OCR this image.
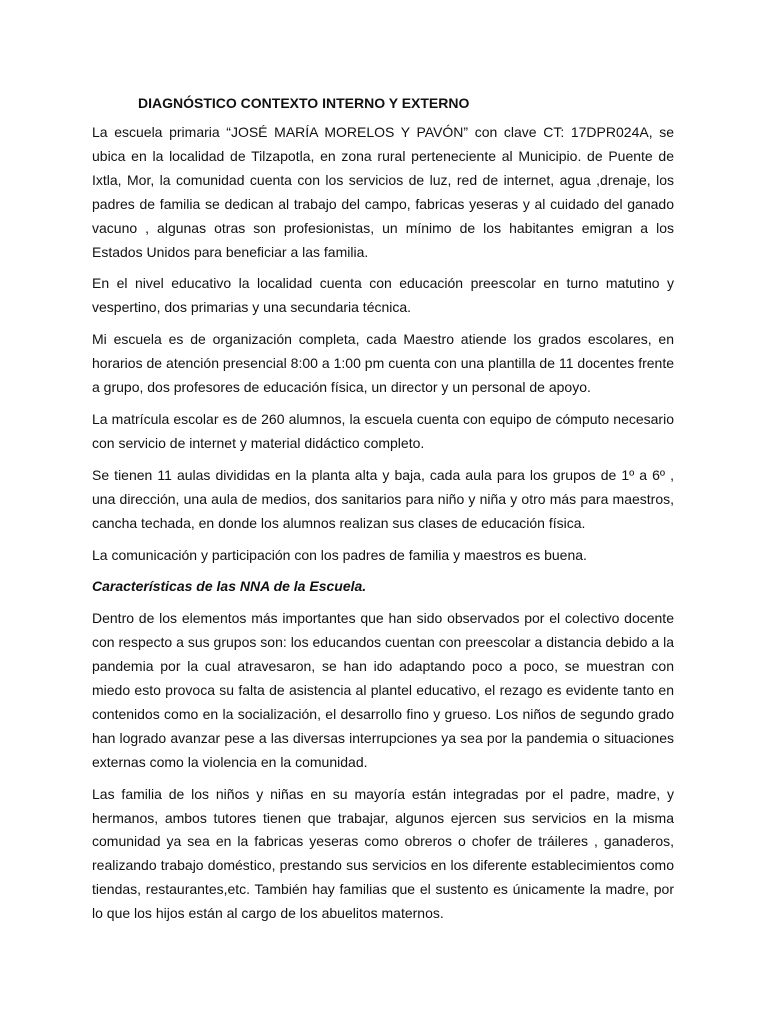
DIAGNÓSTICO CONTEXTO INTERNO Y EXTERNO

La escuela primaria “JOSÉ MARÍA MORELOS Y PAVÓN” con clave CT: 17DPR024A, se ubica en la localidad de Tilzapotla, en zona rural perteneciente al Municipio. de Puente de Ixtla, Mor, la comunidad cuenta con los servicios de luz, red de internet, agua ,drenaje, los padres de familia se dedican al trabajo del campo, fabricas yeseras y al cuidado del ganado vacuno , algunas otras son profesionistas, un mínimo de los habitantes emigran a los Estados Unidos para beneficiar a las familia.

En el nivel educativo la localidad cuenta con educación preescolar en turno matutino y vespertino, dos primarias y una secundaria técnica.

Mi escuela es de organización completa, cada Maestro atiende los grados escolares, en horarios de atención presencial 8:00 a 1:00 pm cuenta con una plantilla de 11 docentes frente a grupo, dos profesores de educación física, un director y un personal de apoyo.

La matrícula escolar es de 260 alumnos, la escuela cuenta con equipo de cómputo necesario con servicio de internet y material didáctico completo.

Se tienen 11 aulas divididas en la planta alta y baja, cada aula para los grupos de 1º a 6º , una dirección, una aula de medios, dos sanitarios para niño y niña y otro más para maestros, cancha techada, en donde los alumnos realizan sus clases de educación física.

La comunicación y participación con los padres de familia y maestros es buena.

Características de las NNA de la Escuela.

Dentro de los elementos más importantes que han sido observados por el colectivo docente con respecto a sus grupos son: los educandos cuentan con preescolar a distancia debido a la pandemia por la cual atravesaron, se han ido adaptando poco a poco, se muestran con miedo esto provoca su falta de asistencia al plantel educativo, el rezago es evidente tanto en contenidos como en la socialización, el desarrollo fino y grueso. Los niños de segundo grado han logrado avanzar pese a las diversas interrupciones ya sea por la pandemia o situaciones externas como la violencia en la comunidad.

Las familia de los niños y niñas en su mayoría están integradas por el padre, madre, y hermanos, ambos tutores tienen que trabajar, algunos ejercen sus servicios en la misma comunidad ya sea en la fabricas yeseras como obreros o chofer de tráileres , ganaderos, realizando trabajo doméstico, prestando sus servicios en los diferente establecimientos como tiendas, restaurantes,etc. También hay familias que el sustento es únicamente la madre, por lo que los hijos están al cargo de los abuelitos maternos.
